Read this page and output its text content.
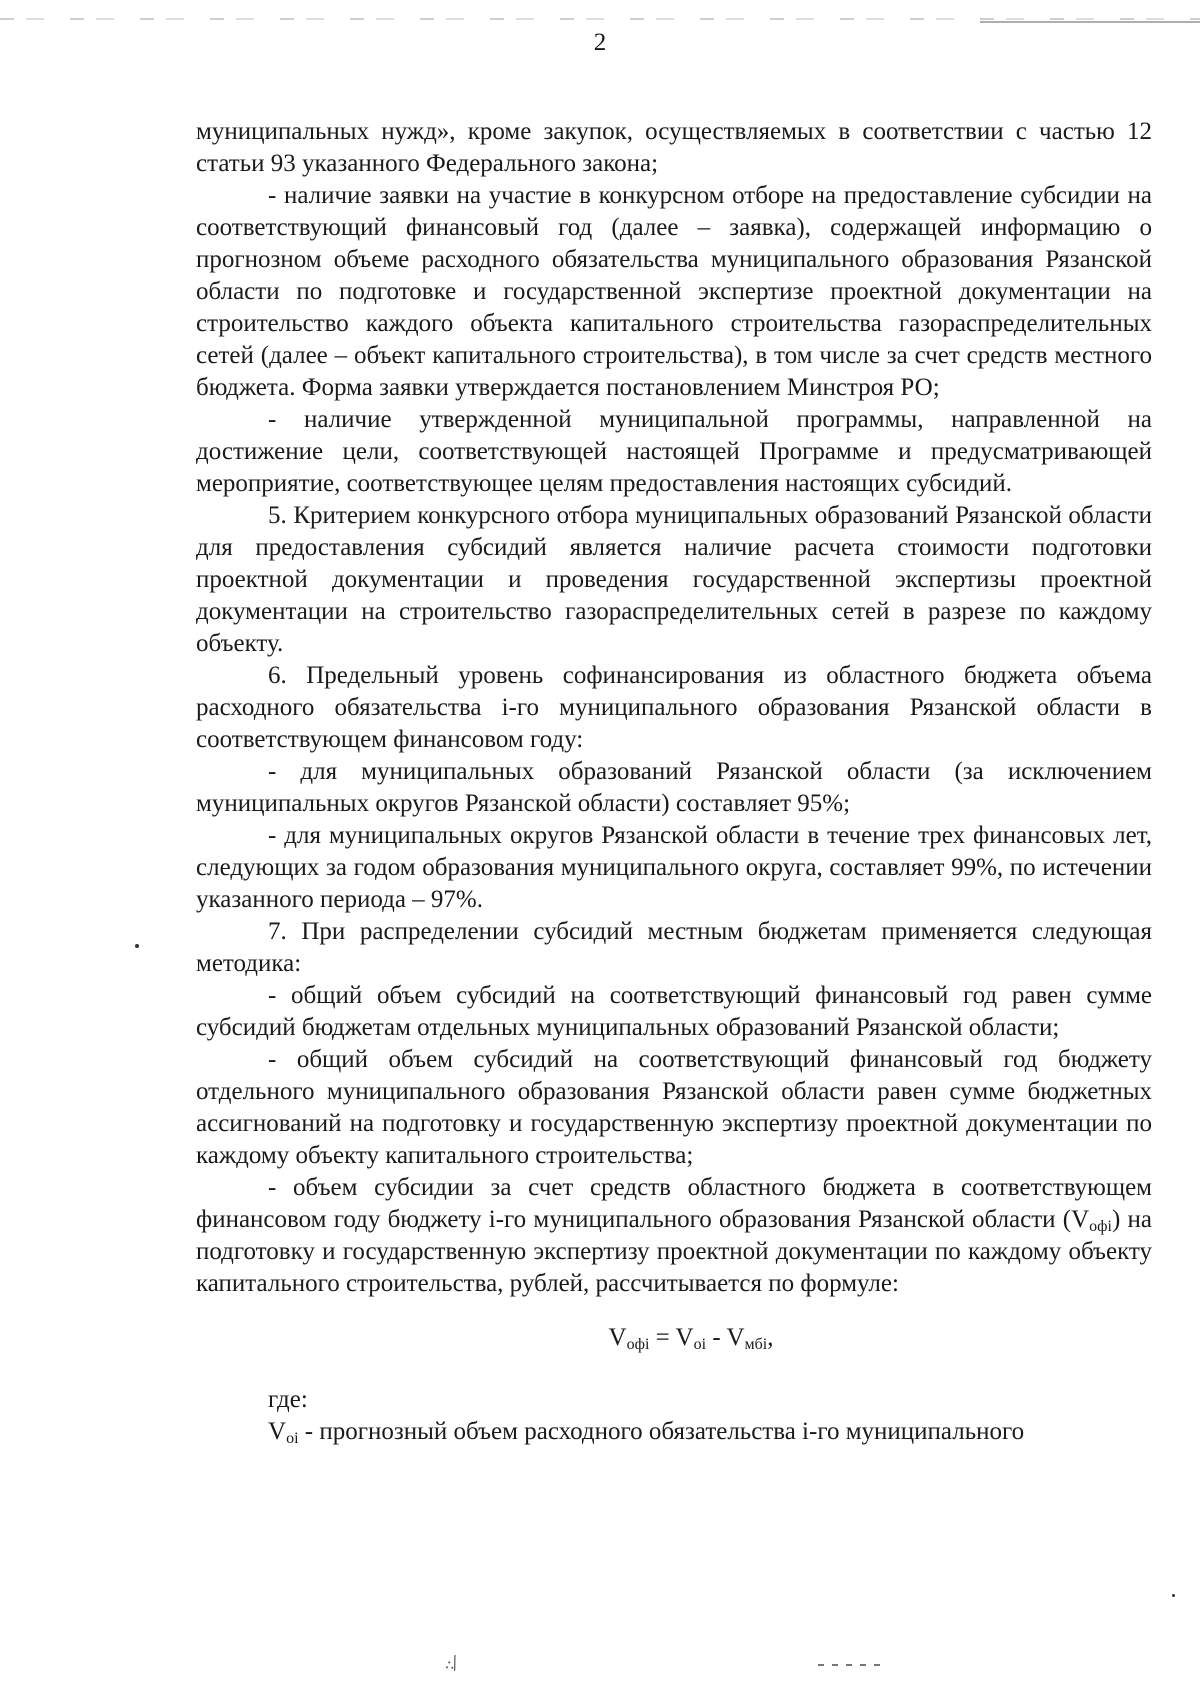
2

муниципальных нужд», кроме закупок, осуществляемых в соответствии с частью 12 статьи 93 указанного Федерального закона;

- наличие заявки на участие в конкурсном отборе на предоставление субсидии на соответствующий финансовый год (далее – заявка), содержащей информацию о прогнозном объеме расходного обязательства муниципального образования Рязанской области по подготовке и государственной экспертизе проектной документации на строительство каждого объекта капитального строительства газораспределительных сетей (далее – объект капитального строительства), в том числе за счет средств местного бюджета. Форма заявки утверждается постановлением Минстроя РО;

- наличие утвержденной муниципальной программы, направленной на достижение цели, соответствующей настоящей Программе и предусматривающей мероприятие, соответствующее целям предоставления настоящих субсидий.

5. Критерием конкурсного отбора муниципальных образований Рязанской области для предоставления субсидий является наличие расчета стоимости подготовки проектной документации и проведения государственной экспертизы проектной документации на строительство газораспределительных сетей в разрезе по каждому объекту.

6. Предельный уровень софинансирования из областного бюджета объема расходного обязательства i-го муниципального образования Рязанской области в соответствующем финансовом году:

- для муниципальных образований Рязанской области (за исключением муниципальных округов Рязанской области) составляет 95%;

- для муниципальных округов Рязанской области в течение трех финансовых лет, следующих за годом образования муниципального округа, составляет 99%, по истечении указанного периода – 97%.

7. При распределении субсидий местным бюджетам применяется следующая методика:

- общий объем субсидий на соответствующий финансовый год равен сумме субсидий бюджетам отдельных муниципальных образований Рязанской области;

- общий объем субсидий на соответствующий финансовый год бюджету отдельного муниципального образования Рязанской области равен сумме бюджетных ассигнований на подготовку и государственную экспертизу проектной документации по каждому объекту капитального строительства;

- объем субсидии за счет средств областного бюджета в соответствующем финансовом году бюджету i-го муниципального образования Рязанской области $(V_{офi})$ на подготовку и государственную экспертизу проектной документации по каждому объекту капитального строительства, рублей, рассчитывается по формуле:

$V_{офi} = V_{oi} - V_{мбi}$,

где:

$V_{oi}$ - прогнозный объем расходного обязательства i-го муниципального

⁖⁄
